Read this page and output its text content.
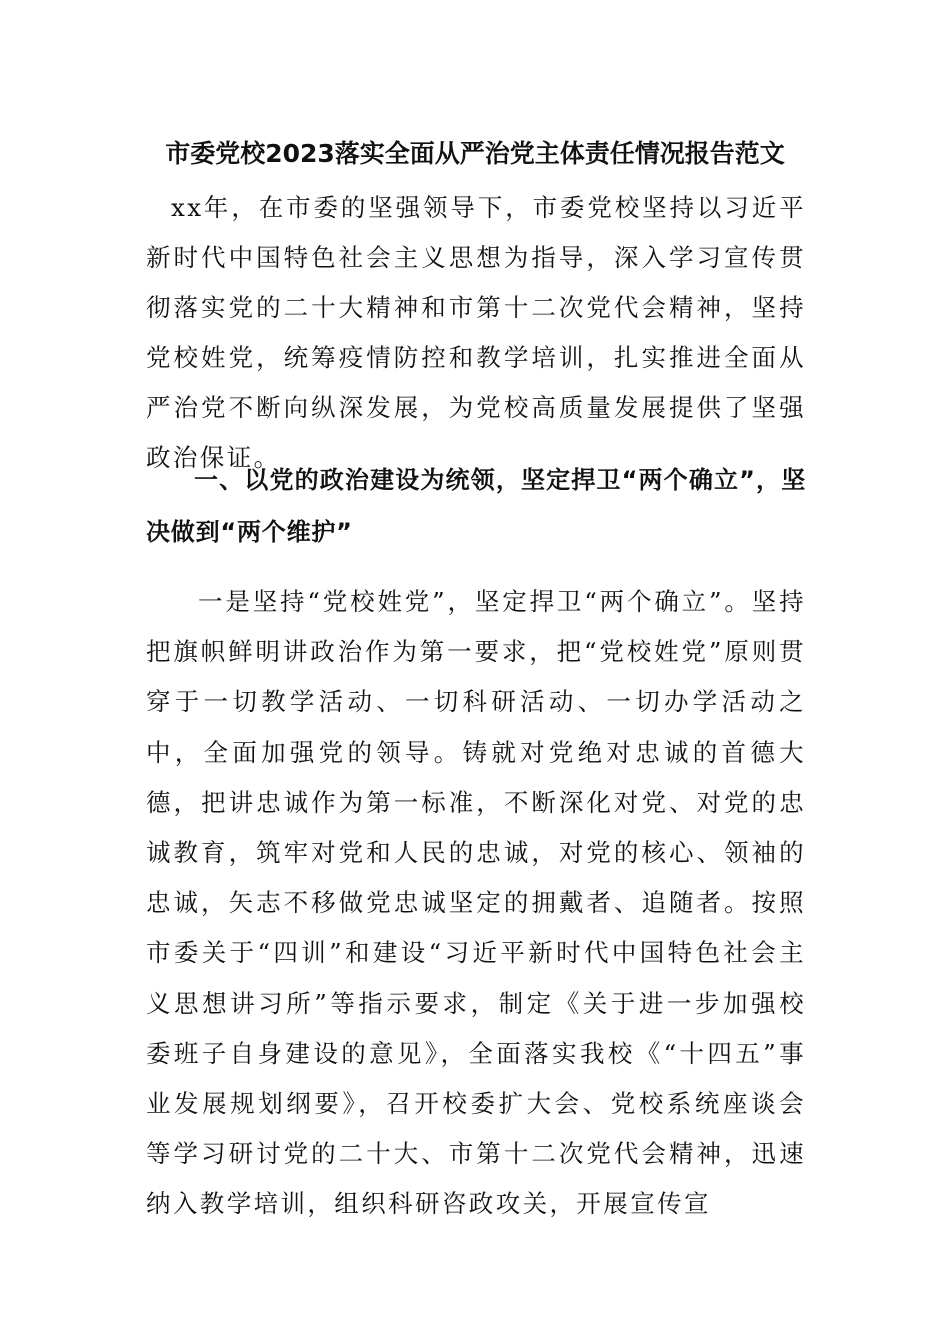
市委党校2023落实全面从严治党主体责任情况报告范文
xx年，在市委的坚强领导下，市委党校坚持以习近平新时代中国特色社会主义思想为指导，深入学习宣传贯彻落实党的二十大精神和市第十二次党代会精神，坚持党校姓党，统筹疫情防控和教学培训，扎实推进全面从严治党不断向纵深发展，为党校高质量发展提供了坚强政治保证。
一、以党的政治建设为统领，坚定捍卫“两个确立”，坚决做到“两个维护”
一是坚持“党校姓党”，坚定捍卫“两个确立”。坚持把旗帜鲜明讲政治作为第一要求，把“党校姓党”原则贯穿于一切教学活动、一切科研活动、一切办学活动之中，全面加强党的领导。铸就对党绝对忠诚的首德大德，把讲忠诚作为第一标准，不断深化对党、对党的忠诚教育，筑牢对党和人民的忠诚，对党的核心、领袖的忠诚，矢志不移做党忠诚坚定的拥戴者、追随者。按照市委关于“四训”和建设“习近平新时代中国特色社会主义思想讲习所”等指示要求，制定《关于进一步加强校委班子自身建设的意见》，全面落实我校《“十四五”事业发展规划纲要》，召开校委扩大会、党校系统座谈会等学习研讨党的二十大、市第十二次党代会精神，迅速纳入教学培训，组织科研咨政攻关，开展宣传宣
